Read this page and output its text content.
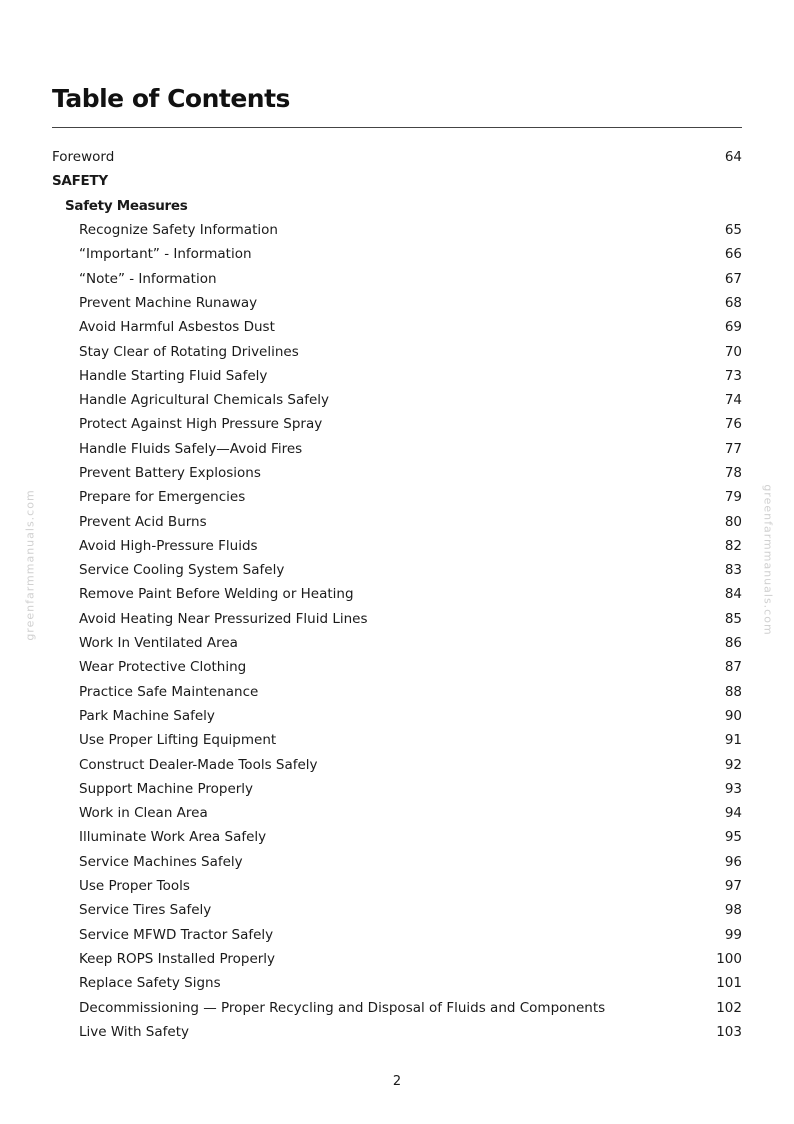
Table of Contents
Foreword	64
SAFETY
Safety Measures
Recognize Safety Information	65
“Important” - Information	66
“Note” - Information	67
Prevent Machine Runaway	68
Avoid Harmful Asbestos Dust	69
Stay Clear of Rotating Drivelines	70
Handle Starting Fluid Safely	73
Handle Agricultural Chemicals Safely	74
Protect Against High Pressure Spray	76
Handle Fluids Safely—Avoid Fires	77
Prevent Battery Explosions	78
Prepare for Emergencies	79
Prevent Acid Burns	80
Avoid High-Pressure Fluids	82
Service Cooling System Safely	83
Remove Paint Before Welding or Heating	84
Avoid Heating Near Pressurized Fluid Lines	85
Work In Ventilated Area	86
Wear Protective Clothing	87
Practice Safe Maintenance	88
Park Machine Safely	90
Use Proper Lifting Equipment	91
Construct Dealer-Made Tools Safely	92
Support Machine Properly	93
Work in Clean Area	94
Illuminate Work Area Safely	95
Service Machines Safely	96
Use Proper Tools	97
Service Tires Safely	98
Service MFWD Tractor Safely	99
Keep ROPS Installed Properly	100
Replace Safety Signs	101
Decommissioning — Proper Recycling and Disposal of Fluids and Components	102
Live With Safety	103
greenfarmmanuals.com	greenfarmmanuals.com
2
